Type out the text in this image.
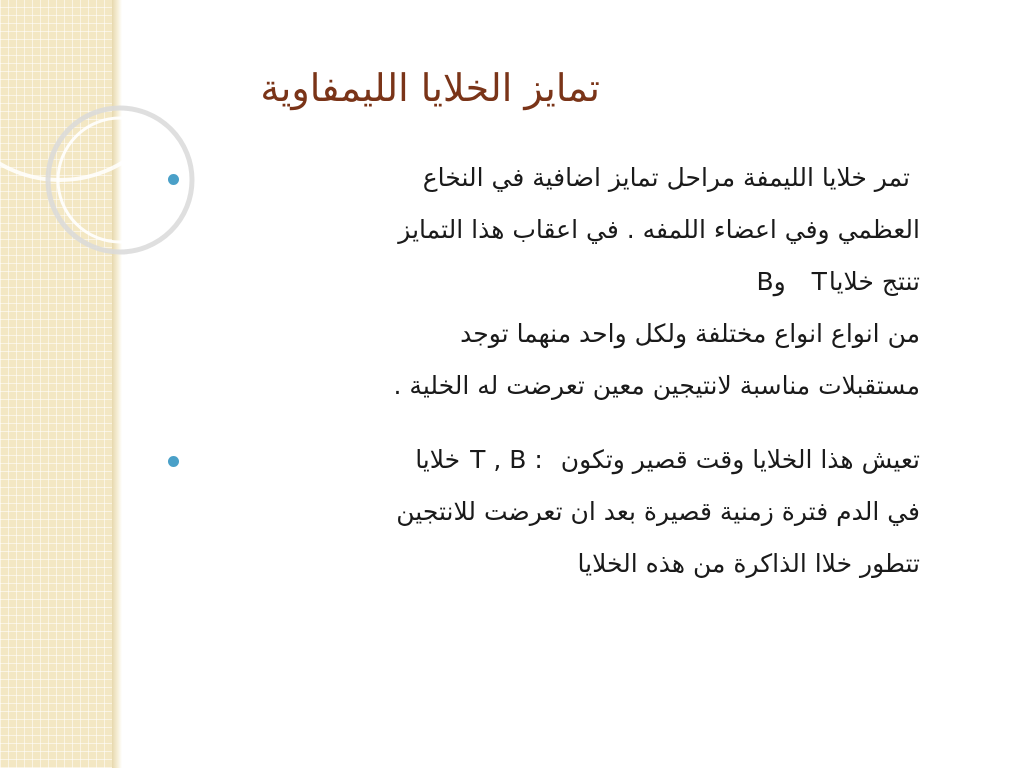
تمايز الخلايا الليمفاوية
تمر خلايا الليمفة مراحل تمايز اضافية في النخاع
العظمي وفي اعضاء اللمفه . في اعقاب هذا التمايز
تنتج خلاياT وB
من انواع انواع مختلفة ولكل واحد منهما توجد
مستقبلات مناسبة لانتيجين معين تعرضت له الخلية .
تعيش هذا الخلايا وقت قصير وتكون T , B :خلايا
في الدم فترة زمنية قصيرة بعد ان تعرضت للانتجين
تتطور خلاا الذاكرة من هذه الخلايا
